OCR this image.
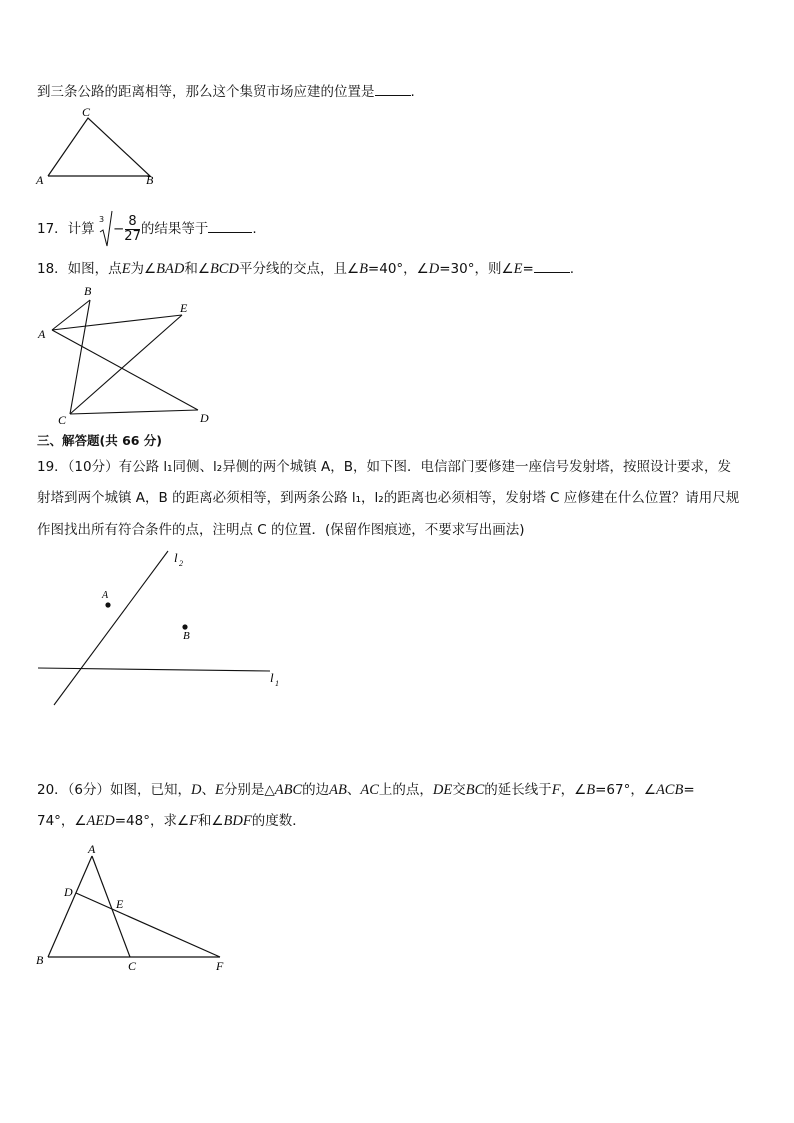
到三条公路的距离相等，那么这个集贸市场应建的位置是	.
C
A	B
17．计算
3
− $\frac{8}{27}$ 的结果等于	.
18．如图，点E为∠BAD和∠BCD平分线的交点，且∠B=40°，∠D=30°，则∠E=	.
B
E
A
C	D
三、解答题(共 66 分)
19．（10分）有公路 l₁同侧、l₂异侧的两个城镇 A，B，如下图．电信部门要修建一座信号发射塔，按照设计要求，发
射塔到两个城镇 A，B 的距离必须相等，到两条公路 l₁，l₂的距离也必须相等，发射塔 C 应修建在什么位置？请用尺规
作图找出所有符合条件的点，注明点 C 的位置．(保留作图痕迹，不要求写出画法)
A
B
l 2
l 1
20．（6分）如图，已知，D、E分别是△ABC的边AB、AC上的点，DE交BC的延长线于F，∠B=67°，∠ACB=
74°，∠AED=48°，求∠F和∠BDF的度数．
A
D
E
B	C	F
